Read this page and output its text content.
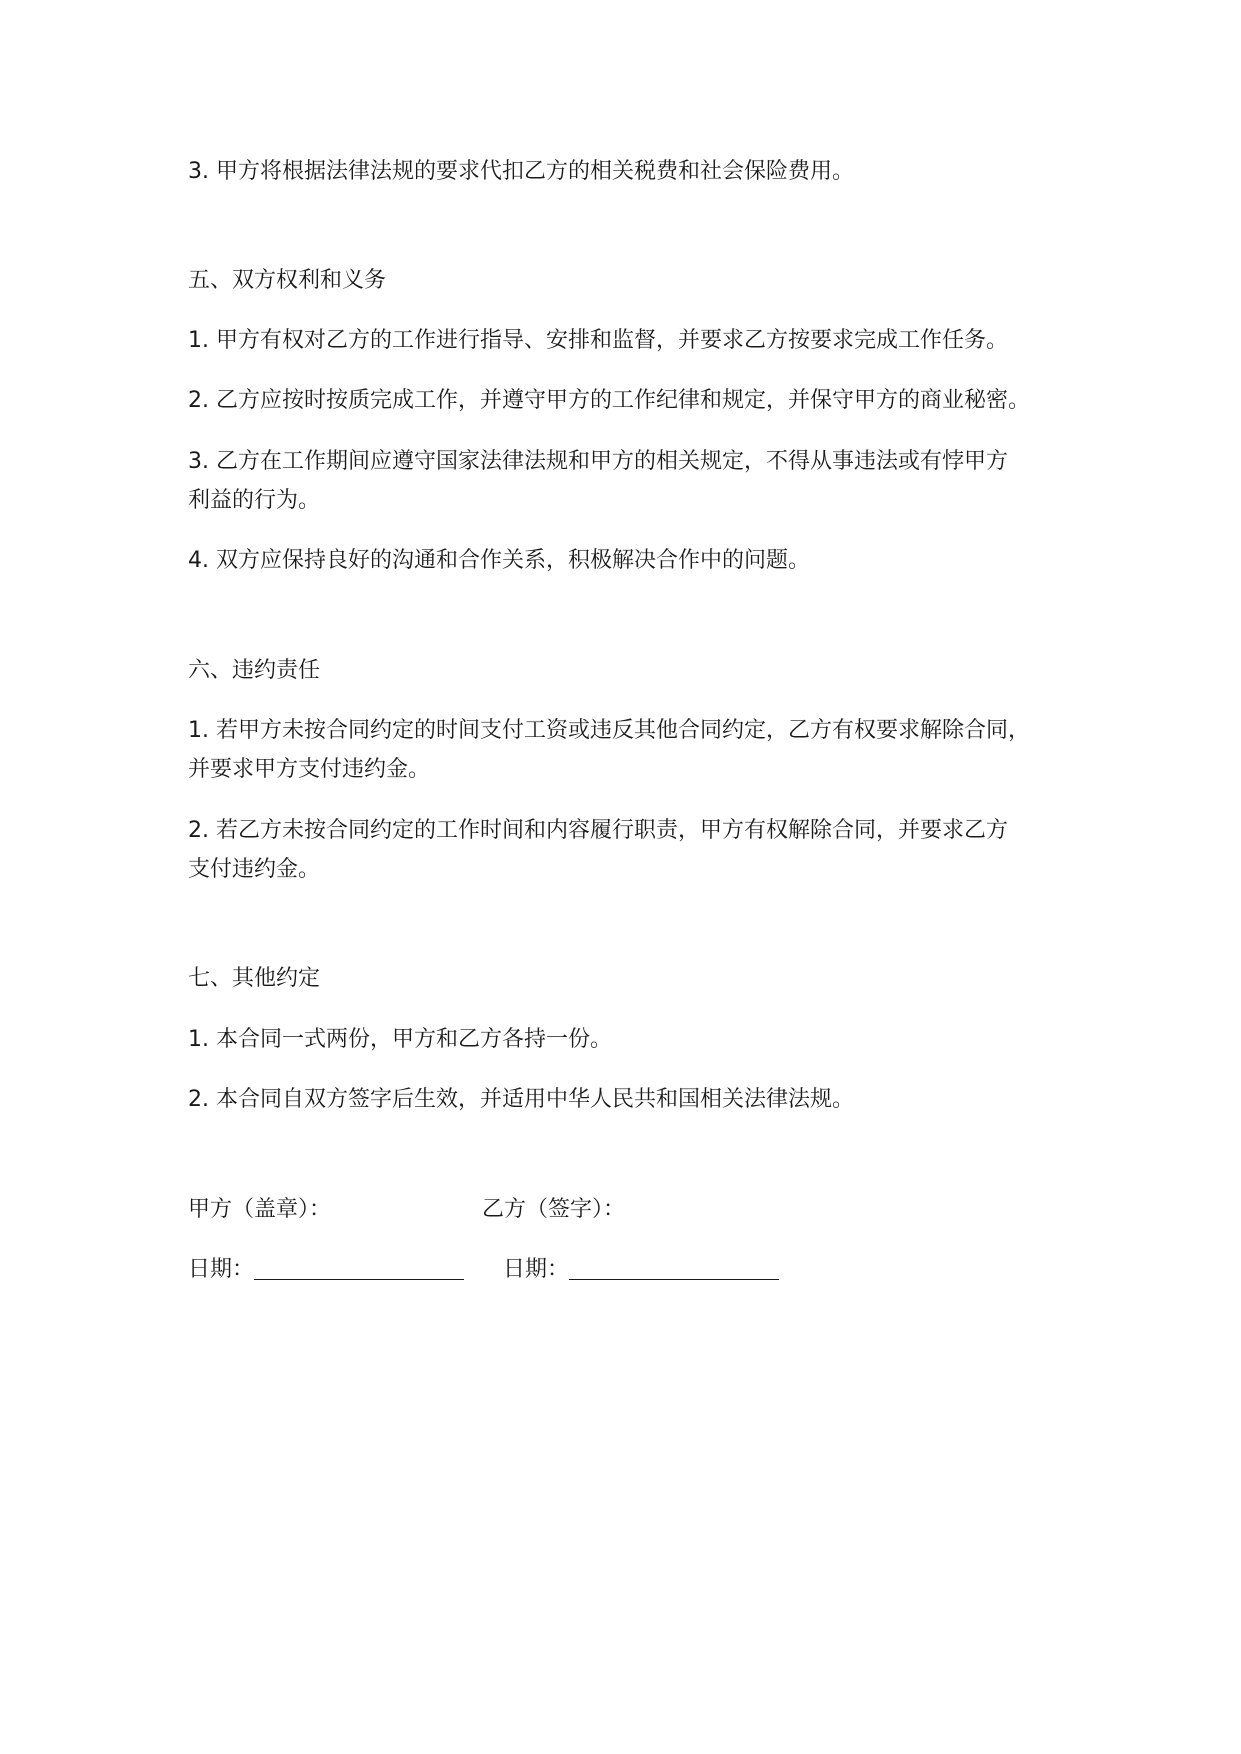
3. 甲方将根据法律法规的要求代扣乙方的相关税费和社会保险费用。

五、双方权利和义务

1. 甲方有权对乙方的工作进行指导、安排和监督，并要求乙方按要求完成工作任务。

2. 乙方应按时按质完成工作，并遵守甲方的工作纪律和规定，并保守甲方的商业秘密。

3. 乙方在工作期间应遵守国家法律法规和甲方的相关规定，不得从事违法或有悖甲方

利益的行为。

4. 双方应保持良好的沟通和合作关系，积极解决合作中的问题。

六、违约责任

1. 若甲方未按合同约定的时间支付工资或违反其他合同约定，乙方有权要求解除合同，

并要求甲方支付违约金。

2. 若乙方未按合同约定的工作时间和内容履行职责，甲方有权解除合同，并要求乙方

支付违约金。

七、其他约定

1. 本合同一式两份，甲方和乙方各持一份。

2. 本合同自双方签字后生效，并适用中华人民共和国相关法律法规。

甲方（盖章）：	乙方（签字）：

日期：	日期：
